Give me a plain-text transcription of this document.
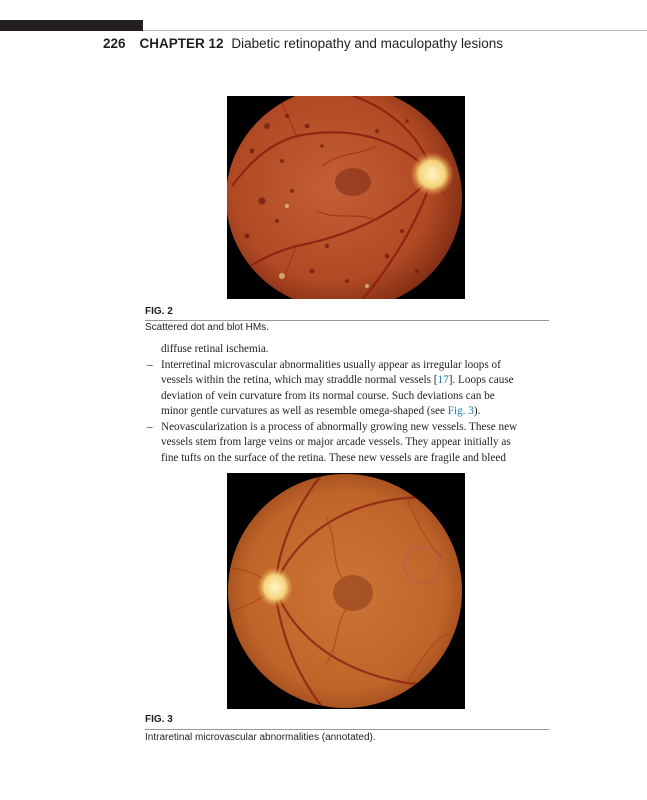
226 CHAPTER 12 Diabetic retinopathy and maculopathy lesions
FIG. 2
Scattered dot and blot HMs.

diffuse retinal ischemia.

– Interretinal microvascular abnormalities usually appear as irregular loops of
vessels within the retina, which may straddle normal vessels [17]. Loops cause
deviation of vein curvature from its normal course. Such deviations can be
minor gentle curvatures as well as resemble omega-shaped (see Fig. 3).
– Neovascularization is a process of abnormally growing new vessels. These new
vessels stem from large veins or major arcade vessels. They appear initially as
fine tufts on the surface of the retina. These new vessels are fragile and bleed
FIG. 3
Intraretinal microvascular abnormalities (annotated).
